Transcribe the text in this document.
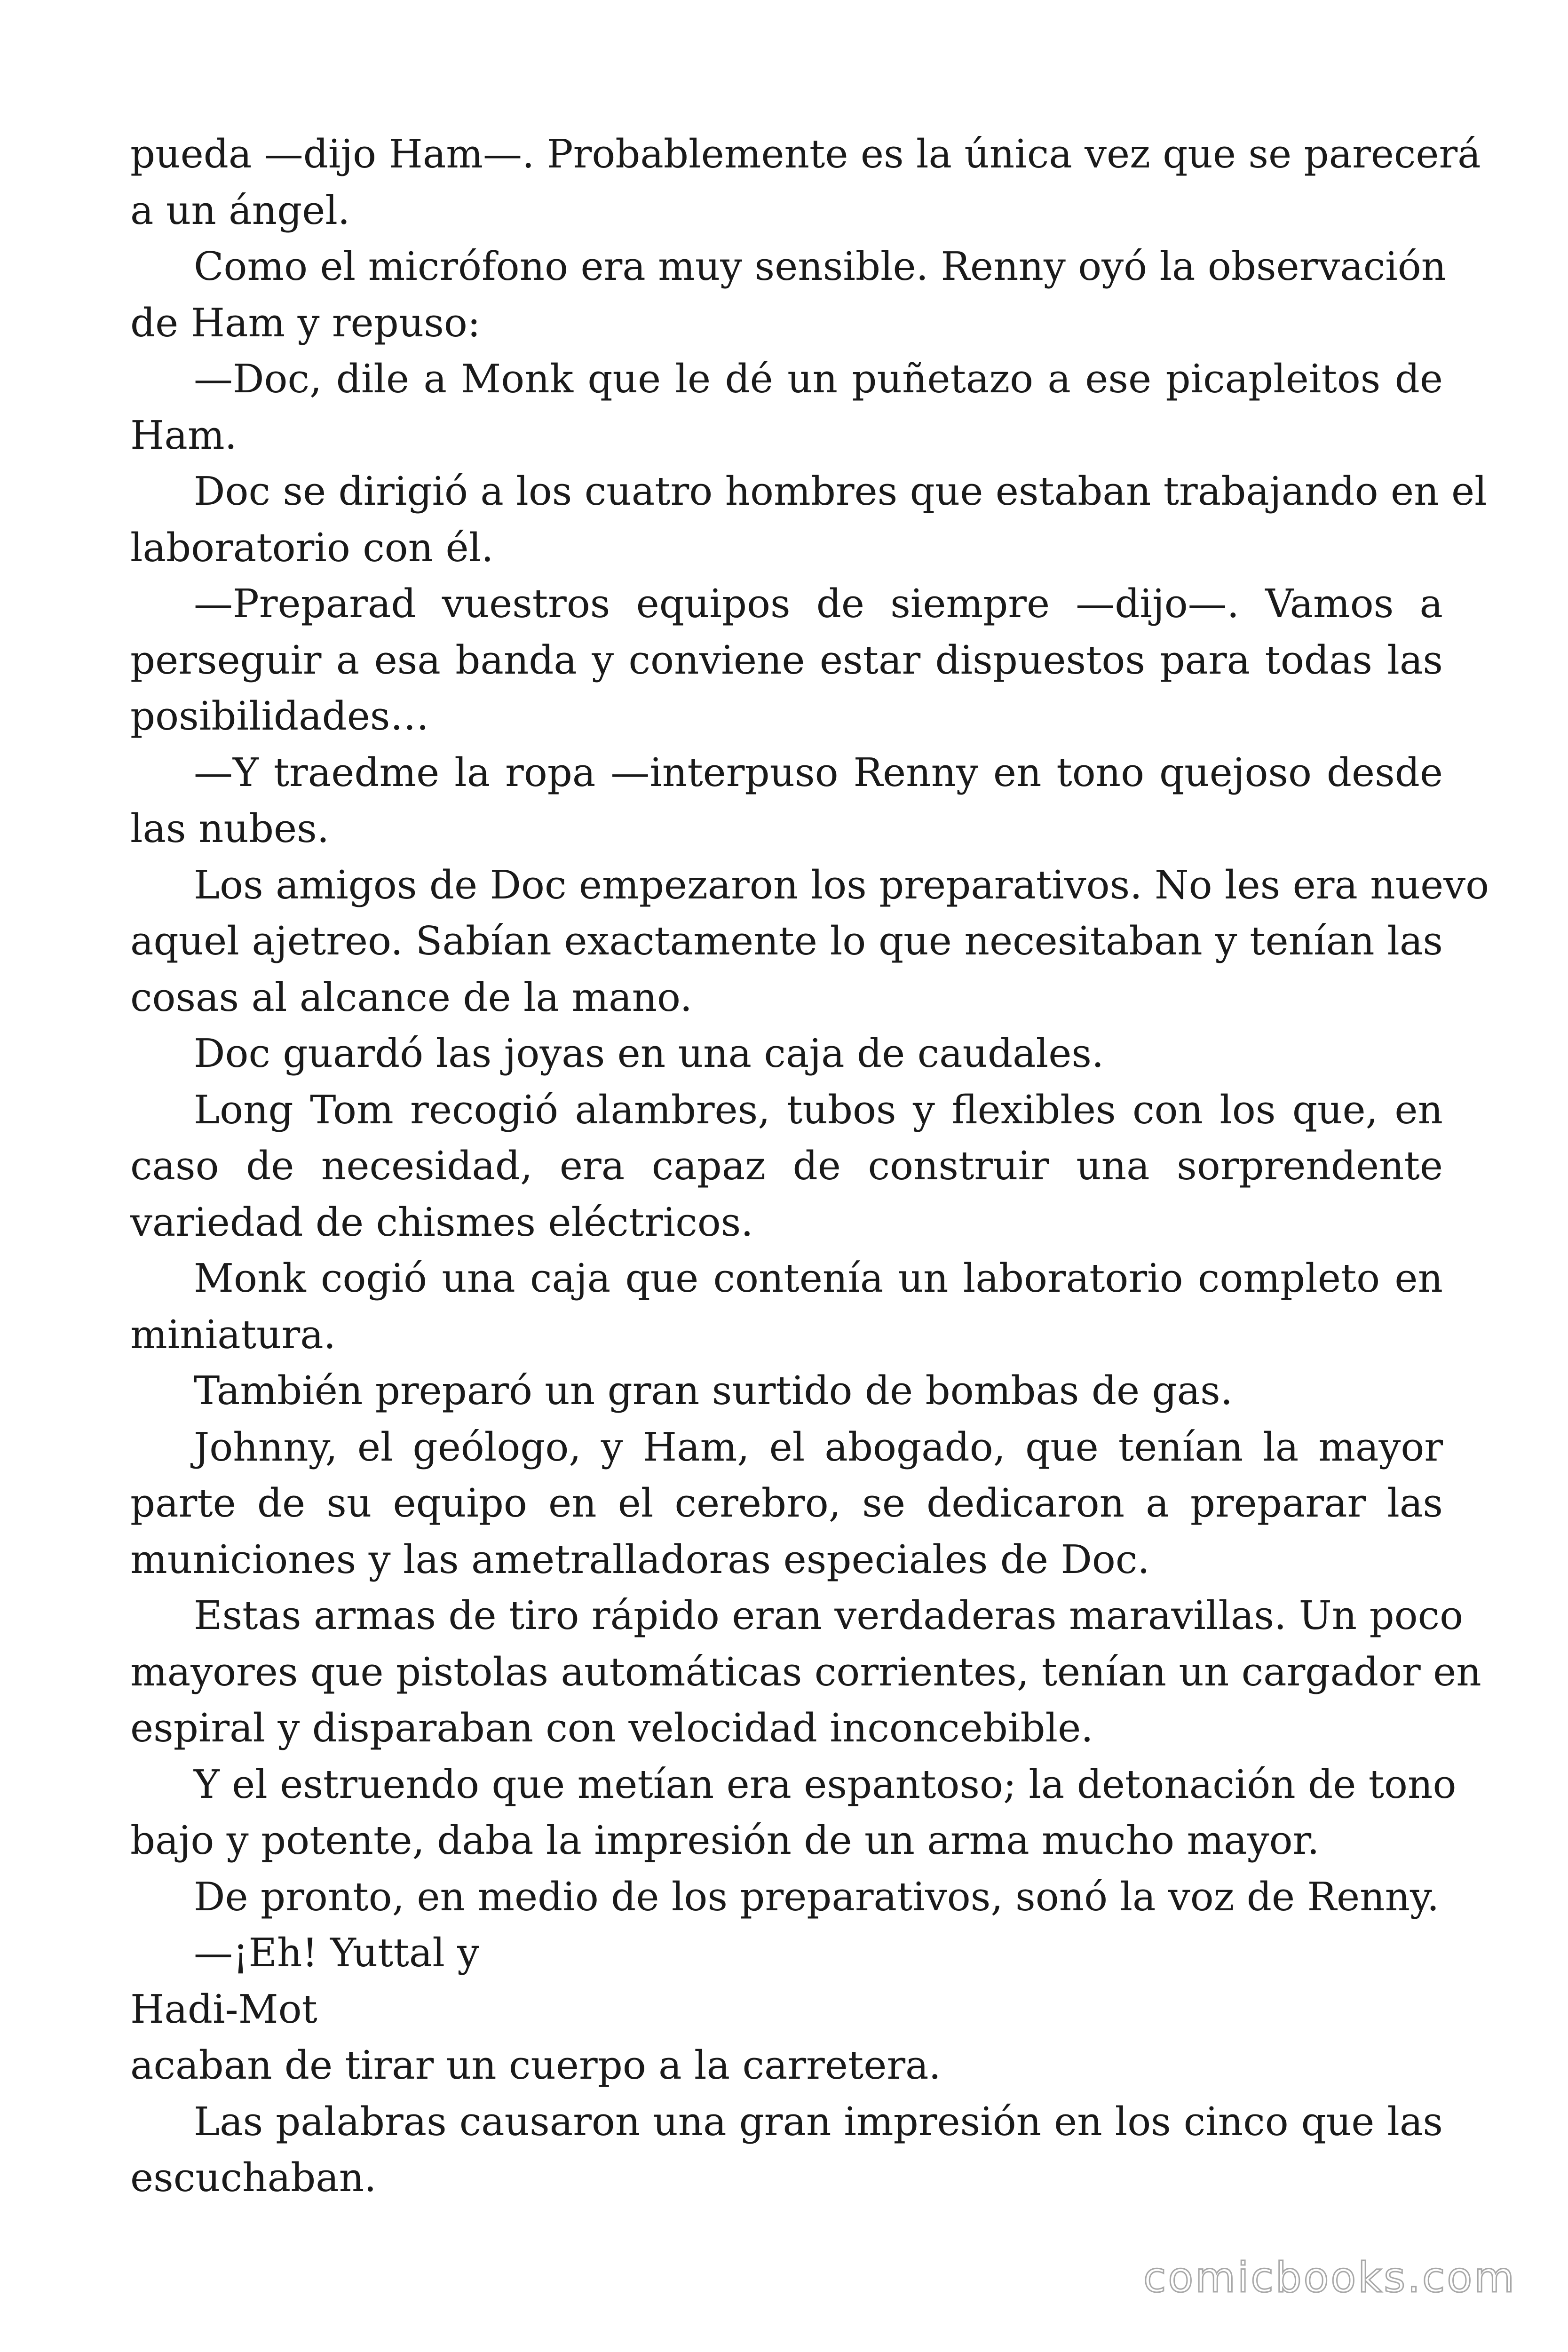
pueda —dijo Ham—. Probablemente es la única vez que se parecerá
a un ángel.
Como el micrófono era muy sensible. Renny oyó la observación
de Ham y repuso:
—Doc, dile a Monk que le dé un puñetazo a ese picapleitos de
Ham.
Doc se dirigió a los cuatro hombres que estaban trabajando en el
laboratorio con él.
—Preparad vuestros equipos de siempre —dijo—. Vamos a
perseguir a esa banda y conviene estar dispuestos para todas las
posibilidades…
—Y traedme la ropa —interpuso Renny en tono quejoso desde
las nubes.
Los amigos de Doc empezaron los preparativos. No les era nuevo
aquel ajetreo. Sabían exactamente lo que necesitaban y tenían las
cosas al alcance de la mano.
Doc guardó las joyas en una caja de caudales.
Long Tom recogió alambres, tubos y flexibles con los que, en
caso de necesidad, era capaz de construir una sorprendente
variedad de chismes eléctricos.
Monk cogió una caja que contenía un laboratorio completo en
miniatura.
También preparó un gran surtido de bombas de gas.
Johnny, el geólogo, y Ham, el abogado, que tenían la mayor
parte de su equipo en el cerebro, se dedicaron a preparar las
municiones y las ametralladoras especiales de Doc.
Estas armas de tiro rápido eran verdaderas maravillas. Un poco
mayores que pistolas automáticas corrientes, tenían un cargador en
espiral y disparaban con velocidad inconcebible.
Y el estruendo que metían era espantoso; la detonación de tono
bajo y potente, daba la impresión de un arma mucho mayor.
De pronto, en medio de los preparativos, sonó la voz de Renny.
—¡Eh! Yuttal y
Hadi-Mot
acaban de tirar un cuerpo a la carretera.
Las palabras causaron una gran impresión en los cinco que las
escuchaban.
comicbooks.com
